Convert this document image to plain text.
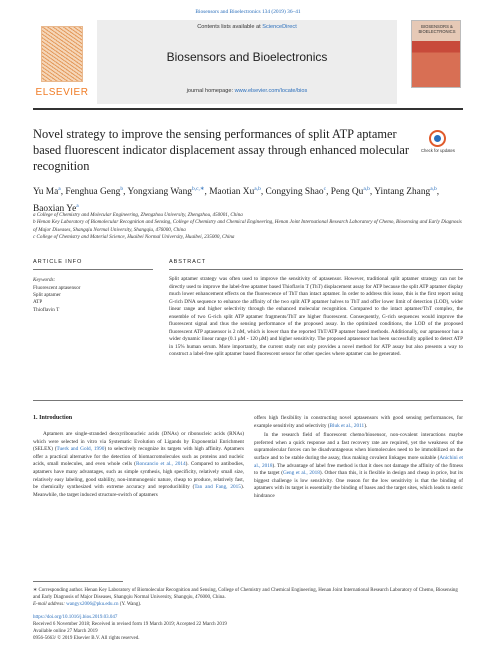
Biosensors and Bioelectronics 134 (2019) 36–41
ELSEVIER
Contents lists available at ScienceDirect
Biosensors and Bioelectronics
journal homepage: www.elsevier.com/locate/bios
BIOSENSORS & BIOELECTRONICS
Novel strategy to improve the sensing performances of split ATP aptamer based fluorescent indicator displacement assay through enhanced molecular recognition
Check for updates
Yu Ma$^a$, Fenghua Geng$^b$, Yongxiang Wang$^{b,c,∗}$, Maotian Xu$^{a,b}$, Congying Shao$^c$, Peng Qu$^{a,b}$, Yintang Zhang$^{a,b}$, Baoxian Ye$^a$
a College of Chemistry and Molecular Engineering, Zhengzhou University, Zhengzhou, 450001, China
b Henan Key Laboratory of Biomolecular Recognition and Sensing, College of Chemistry and Chemical Engineering, Henan Joint International Research Laboratory of Chemo, Biosensing and Early Diagnosis of Major Diseases, Shangqiu Normal University, Shangqiu, 476000, China
c College of Chemistry and Material Science, Huaibei Normal University, Huaibei, 235000, China
ARTICLE INFO
Keywords:
Fluorescent aptasensor
Split aptamer
ATP
Thioflavin T
ABSTRACT
Split aptamer strategy was often used to improve the sensitivity of aptasensor. However, traditional split aptamer strategy can not be directly used to improve the label-free aptamer based Thioflavin T (ThT) displacement assay for ATP because the split ATP aptamer display much lower enhancement effects on the fluorescence of ThT than intact aptamer. In order to address this issue, this is the first report using G-rich DNA sequence to enhance the affinity of the two split ATP aptamer halves to ThT and offer lower limit of detection (LOD), wider linear range and higher selectivity through the enhanced molecular recognition. Compared to the intact aptamer/ThT complex, the ensemble of two G-rich split ATP aptamer fragments/ThT are higher fluorescent. Consequently, G-rich sequences would improve the fluorescent signal and thus the sensing performance of the proposed assay. In the optimized conditions, the LOD of the proposed fluorescent ATP aptasensor is 2 nM, which is lower than the reported ThT/ATP aptamer based methods. Additionally, our aptasensor has a wider dynamic linear range (0.1 μM - 120 μM) and higher sensitivity. The proposed aptasensor has been successfully applied to detect ATP in 15% human serum. More importantly, the current study not only provides a novel method for ATP assay but also presents a way to construct a label-free split aptamer based fluorescent sensor for other species where aptamer can be generated.
1. Introduction

Aptamers are single-stranded deoxyribonucleic acids (DNAs) or ribonucleic acids (RNAs) which were selected in vitro via Systematic Evolution of Ligands by Exponential Enrichment (SELEX) (Tuerk and Gold, 1990) to selectively recognize its targets with high affinity. Aptamers offer a practical alternative for the detection of biomacromolecules such as proteins and nucleic acids, small molecules, and even whole cells (Roncancio et al., 2014). Compared to antibodies, aptamers have many advantages, such as simple synthesis, high specificity, relatively small size, relatively easy labeling, good stability, non-immunogenic nature, cheap to produce, relatively fast, be chemically synthesized with extreme accuracy and reproducibility (Tan and Fang, 2015). Meanwhile, the target induced structure-switch of aptamers

offers high flexibility in constructing novel aptasensors with good sensing performances, for example sensitivity and selectivity (Bluk et al., 2011).

In the research field of fluorescent chemo/biosensor, non-covalent interactions maybe preferred when a quick response and a fast recovery rate are required, yet the weakness of the supramolecular forces can be disadvantageous when biomolecules need to be immobilized on the surface and to be stable during the assay, thus making covalent linkages more suitable (Anichini et al., 2018). The advantage of label free method is that it does not damage the affinity of the fitness to the target (Geng et al., 2018). Other than this, it is flexible in design and cheap in price, but its biggest challenge is low sensitivity. One reason for the low sensitivity is that the binding of aptamers with its target is essentially the binding of bases and the target sites, which leads to steric hindrance

∗ Corresponding author. Henan Key Laboratory of Biomolecular Recognition and Sensing, College of Chemistry and Chemical Engineering, Henan Joint International Research Laboratory of Chemo, Biosensing and Early Diagnosis of Major Diseases, Shangqiu Normal University, Shangqiu, 476000, China.
E-mail address: wangyx2006@pku.edu.cn (Y. Wang).
https://doi.org/10.1016/j.bios.2019.03.047
Received 6 November 2018; Received in revised form 19 March 2019; Accepted 22 March 2019
Available online 27 March 2019
0956-5663/ © 2019 Elsevier B.V. All rights reserved.
